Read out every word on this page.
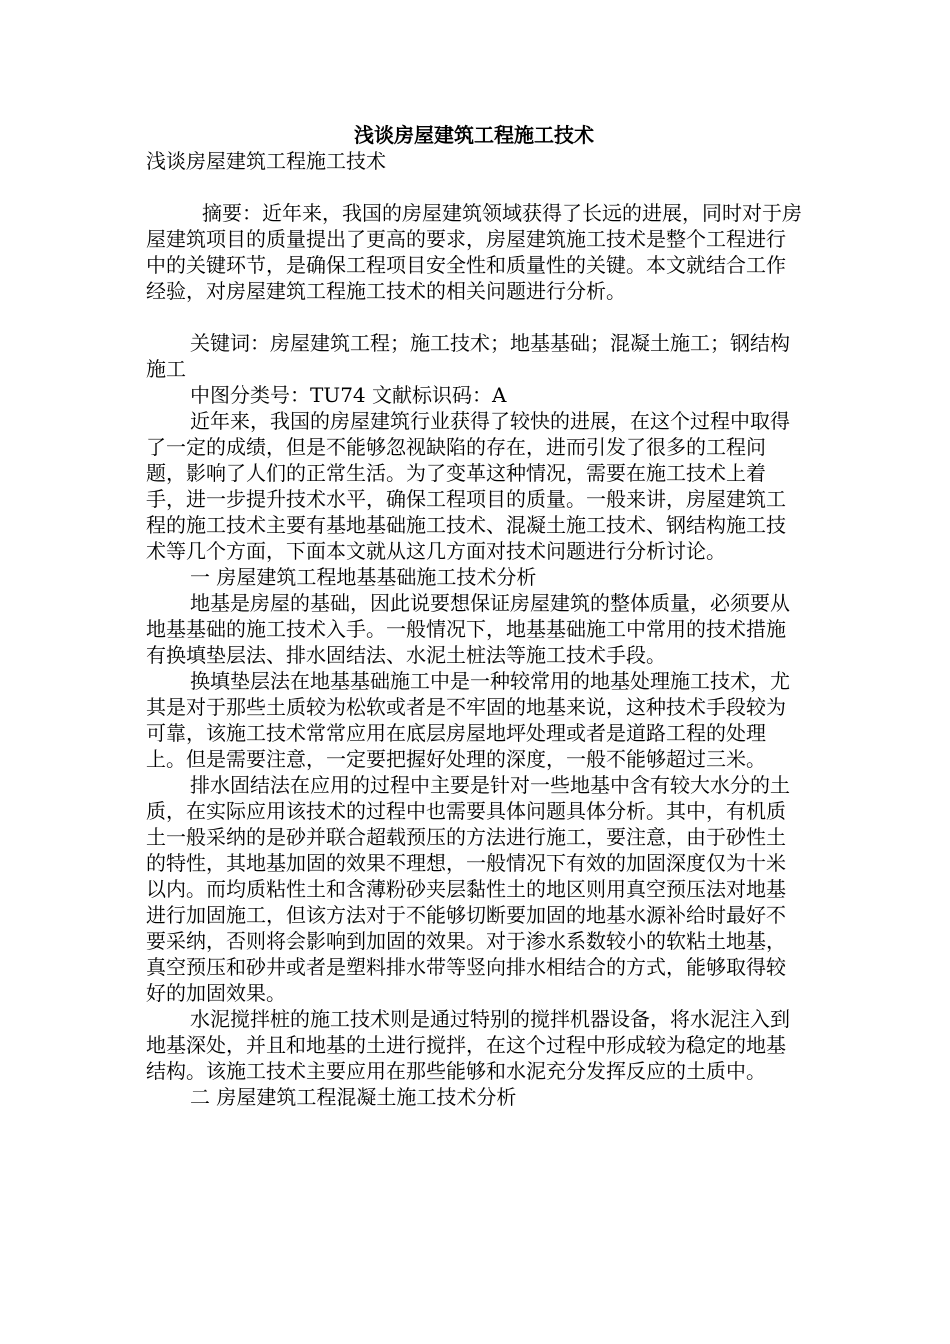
浅谈房屋建筑工程施工技术

浅谈房屋建筑工程施工技术

摘要：近年来，我国的房屋建筑领域获得了长远的进展，同时对于房屋建筑项目的质量提出了更高的要求，房屋建筑施工技术是整个工程进行中的关键环节，是确保工程项目安全性和质量性的关键。本文就结合工作经验，对房屋建筑工程施工技术的相关问题进行分析。

关键词：房屋建筑工程；施工技术；地基基础；混凝土施工；钢结构施工

中图分类号：TU74 文献标识码：A

近年来，我国的房屋建筑行业获得了较快的进展，在这个过程中取得了一定的成绩，但是不能够忽视缺陷的存在，进而引发了很多的工程问题，影响了人们的正常生活。为了变革这种情况，需要在施工技术上着手，进一步提升技术水平，确保工程项目的质量。一般来讲，房屋建筑工程的施工技术主要有基地基础施工技术、混凝土施工技术、钢结构施工技术等几个方面，下面本文就从这几方面对技术问题进行分析讨论。

一 房屋建筑工程地基基础施工技术分析

地基是房屋的基础，因此说要想保证房屋建筑的整体质量，必须要从地基基础的施工技术入手。一般情况下，地基基础施工中常用的技术措施有换填垫层法、排水固结法、水泥土桩法等施工技术手段。

换填垫层法在地基基础施工中是一种较常用的地基处理施工技术，尤其是对于那些土质较为松软或者是不牢固的地基来说，这种技术手段较为可靠，该施工技术常常应用在底层房屋地坪处理或者是道路工程的处理上。但是需要注意，一定要把握好处理的深度，一般不能够超过三米。

排水固结法在应用的过程中主要是针对一些地基中含有较大水分的土质，在实际应用该技术的过程中也需要具体问题具体分析。其中，有机质土一般采纳的是砂并联合超载预压的方法进行施工，要注意，由于砂性土的特性，其地基加固的效果不理想，一般情况下有效的加固深度仅为十米以内。而均质粘性土和含薄粉砂夹层黏性土的地区则用真空预压法对地基进行加固施工，但该方法对于不能够切断要加固的地基水源补给时最好不要采纳，否则将会影响到加固的效果。对于渗水系数较小的软粘土地基，真空预压和砂井或者是塑料排水带等竖向排水相结合的方式，能够取得较好的加固效果。

水泥搅拌桩的施工技术则是通过特别的搅拌机器设备，将水泥注入到地基深处，并且和地基的土进行搅拌，在这个过程中形成较为稳定的地基结构。该施工技术主要应用在那些能够和水泥充分发挥反应的土质中。

二 房屋建筑工程混凝土施工技术分析
